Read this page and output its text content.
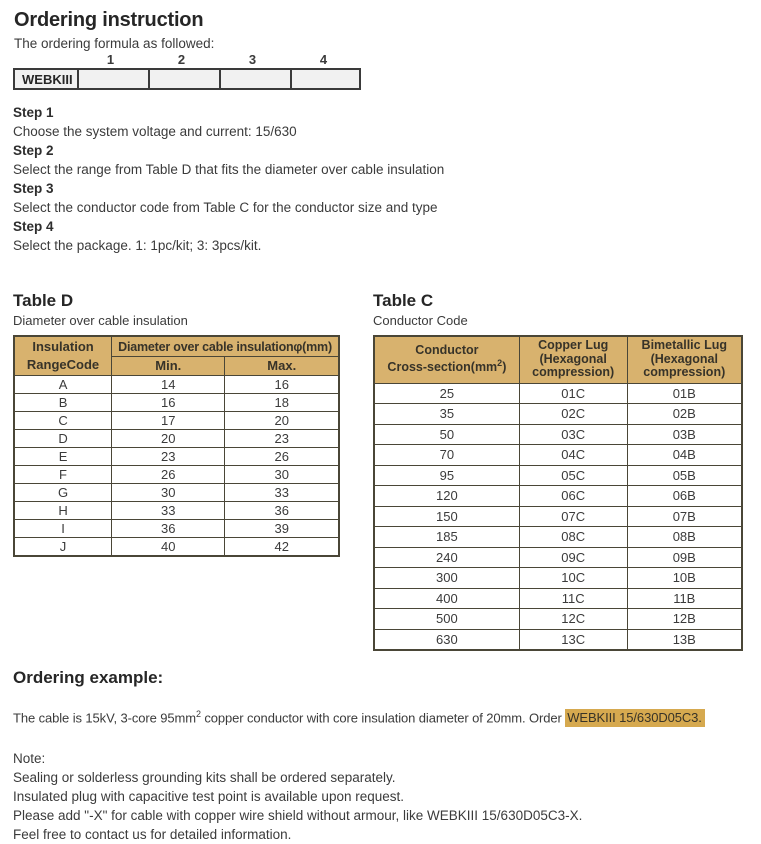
Ordering instruction
The ordering formula as followed:
1	2	3	4
WEBKIII
Step 1
Choose the system voltage and current: 15/630
Step 2
Select the range from Table D that fits the diameter over cable insulation
Step 3
Select the conductor code from Table C for the conductor size and type
Step 4
Select the package. 1: 1pc/kit; 3: 3pcs/kit.
Table D
Diameter over cable insulation
Insulation
RangeCode	Diameter over cable insulationφ(mm)	
	Min.	Max.
A	14	16
B	16	18
C	17	20
D	20	23
E	23	26
F	26	30
G	30	33
H	33	36
I	36	39
J	40	42
Table C
Conductor Code
Conductor
Cross-$section(mm^2)$

Copper Lug
(Hexagonal
compression)

Bimetallic Lug
(Hexagonal
compression)

25	01C	01B
35	02C	02B
50	03C	03B
70	04C	04B
95	05C	05B
120	06C	06B
150	07C	07B
185	08C	08B
240	09C	09B
300	10C	10B
400	11C	11B
500	12C	12B
630	13C	13B
Ordering example:
The cable is 15kV, 3-core $95mm^2$ copper conductor with core insulation diameter of 20mm. Order WEBKIII 15/630D05C3.
Note:
Sealing or solderless grounding kits shall be ordered separately.
Insulated plug with capacitive test point is available upon request.
Please add "-X" for cable with copper wire shield without armour, like WEBKIII 15/630D05C3-X.
Feel free to contact us for detailed information.
